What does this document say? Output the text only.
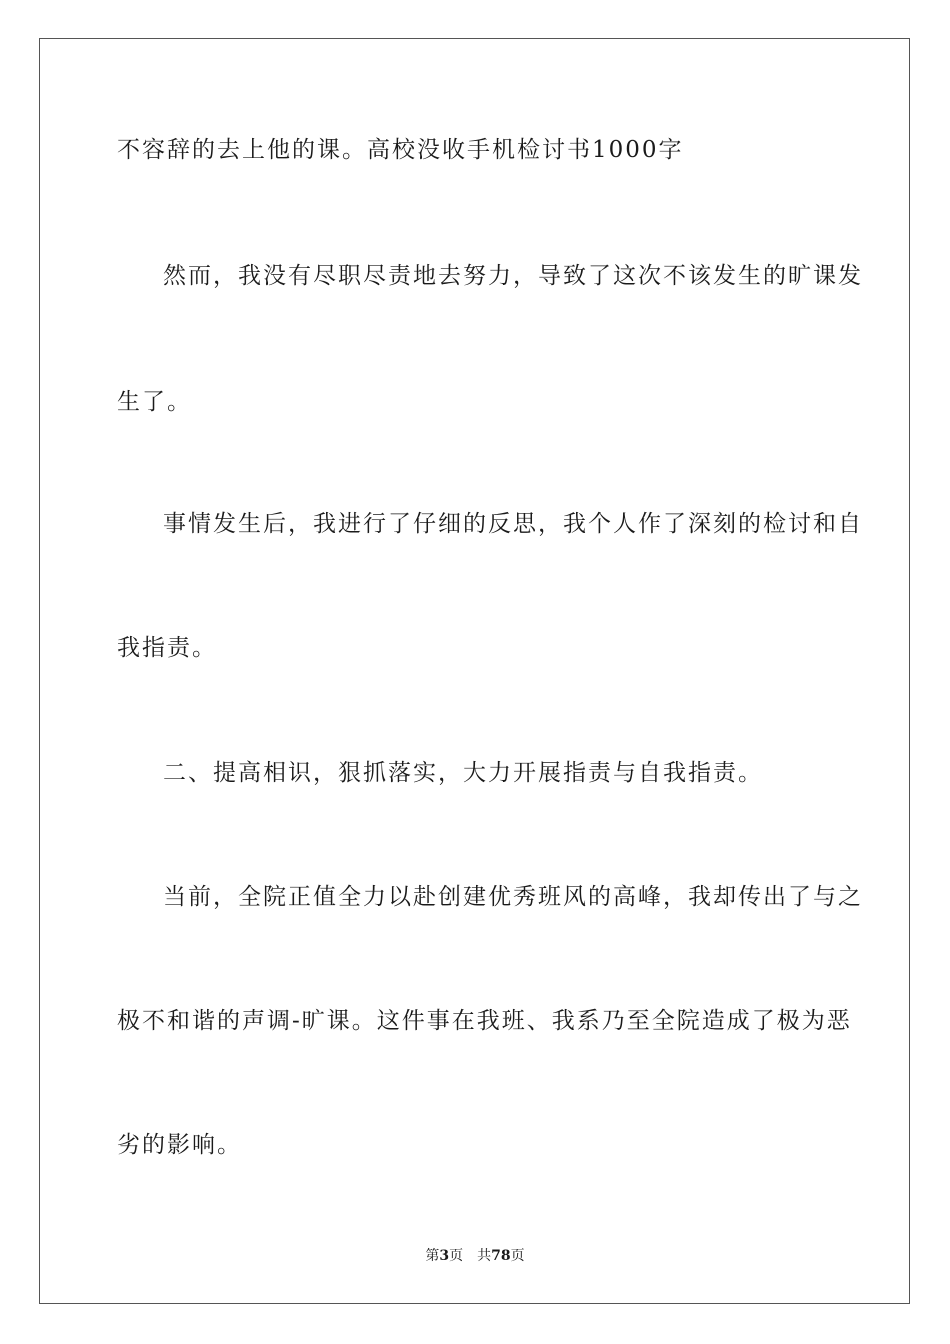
不容辞的去上他的课。高校没收手机检讨书1000字

然而，我没有尽职尽责地去努力，导致了这次不该发生的旷课发

生了。

事情发生后，我进行了仔细的反思，我个人作了深刻的检讨和自

我指责。

二、提高相识，狠抓落实，大力开展指责与自我指责。

当前，全院正值全力以赴创建优秀班风的高峰，我却传出了与之

极不和谐的声调-旷课。这件事在我班、我系乃至全院造成了极为恶

劣的影响。

第3页 共78页
